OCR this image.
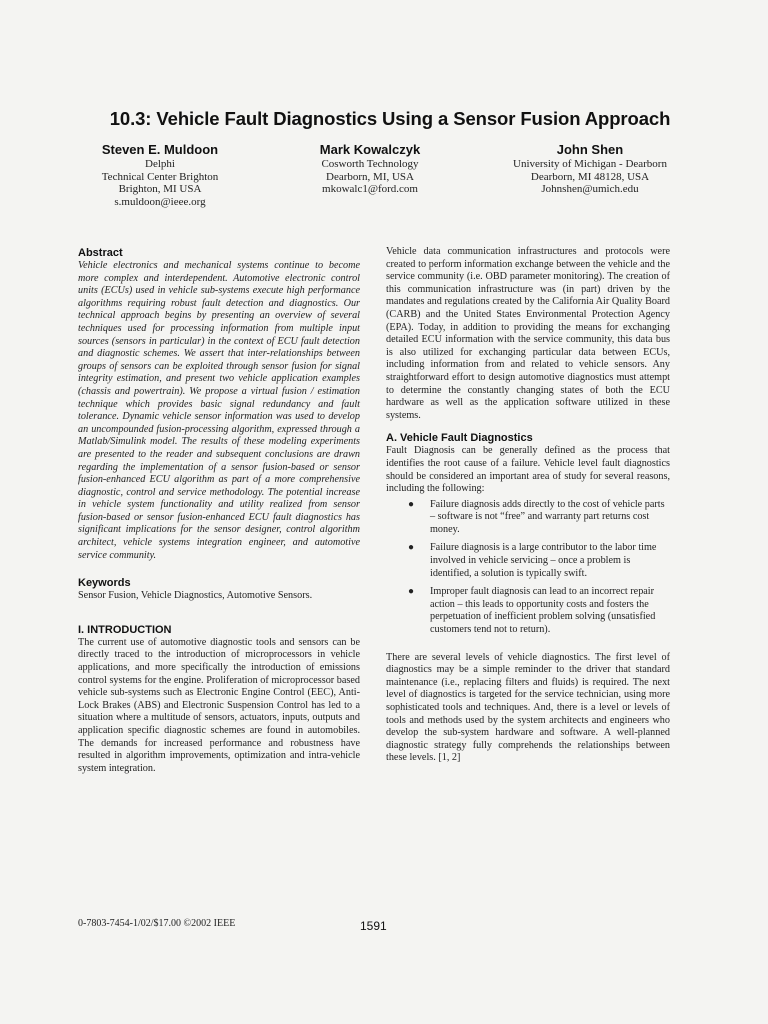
10.3: Vehicle Fault Diagnostics Using a Sensor Fusion Approach
Steven E. Muldoon
Delphi
Technical Center Brighton
Brighton, MI USA
s.muldoon@ieee.org
Mark Kowalczyk
Cosworth Technology
Dearborn, MI, USA
mkowalc1@ford.com
John Shen
University of Michigan - Dearborn
Dearborn, MI 48128, USA
Johnshen@umich.edu
Abstract
Vehicle electronics and mechanical systems continue to become more complex and interdependent. Automotive electronic control units (ECUs) used in vehicle sub-systems execute high performance algorithms requiring robust fault detection and diagnostics. Our technical approach begins by presenting an overview of several techniques used for processing information from multiple input sources (sensors in particular) in the context of ECU fault detection and diagnostic schemes. We assert that inter-relationships between groups of sensors can be exploited through sensor fusion for signal integrity estimation, and present two vehicle application examples (chassis and powertrain). We propose a virtual fusion / estimation technique which provides basic signal redundancy and fault tolerance. Dynamic vehicle sensor information was used to develop an uncompounded fusion-processing algorithm, expressed through a Matlab/Simulink model. The results of these modeling experiments are presented to the reader and subsequent conclusions are drawn regarding the implementation of a sensor fusion-based or sensor fusion-enhanced ECU algorithm as part of a more comprehensive diagnostic, control and service methodology. The potential increase in vehicle system functionality and utility realized from sensor fusion-based or sensor fusion-enhanced ECU fault diagnostics has significant implications for the sensor designer, control algorithm architect, vehicle systems integration engineer, and automotive service community.
Keywords
Sensor Fusion, Vehicle Diagnostics, Automotive Sensors.
I. INTRODUCTION
The current use of automotive diagnostic tools and sensors can be directly traced to the introduction of microprocessors in vehicle applications, and more specifically the introduction of emissions control systems for the engine. Proliferation of microprocessor based vehicle sub-systems such as Electronic Engine Control (EEC), Anti-Lock Brakes (ABS) and Electronic Suspension Control has led to a situation where a multitude of sensors, actuators, inputs, outputs and application specific diagnostic schemes are found in automobiles. The demands for increased performance and robustness have resulted in algorithm improvements, optimization and intra-vehicle system integration.
Vehicle data communication infrastructures and protocols were created to perform information exchange between the vehicle and the service community (i.e. OBD parameter monitoring). The creation of this communication infrastructure was (in part) driven by the mandates and regulations created by the California Air Quality Board (CARB) and the United States Environmental Protection Agency (EPA). Today, in addition to providing the means for exchanging detailed ECU information with the service community, this data bus is also utilized for exchanging particular data between ECUs, including information from and related to vehicle sensors. Any straightforward effort to design automotive diagnostics must attempt to determine the constantly changing states of both the ECU hardware as well as the application software utilized in these systems.
A. Vehicle Fault Diagnostics
Fault Diagnosis can be generally defined as the process that identifies the root cause of a failure. Vehicle level fault diagnostics should be considered an important area of study for several reasons, including the following:
● Failure diagnosis adds directly to the cost of vehicle parts – software is not “free” and warranty part returns cost money.
● Failure diagnosis is a large contributor to the labor time involved in vehicle servicing – once a problem is identified, a solution is typically swift.
● Improper fault diagnosis can lead to an incorrect repair action – this leads to opportunity costs and fosters the perpetuation of inefficient problem solving (unsatisfied customers tend not to return).
There are several levels of vehicle diagnostics. The first level of diagnostics may be a simple reminder to the driver that standard maintenance (i.e., replacing filters and fluids) is required. The next level of diagnostics is targeted for the service technician, using more sophisticated tools and techniques. And, there is a level or levels of tools and methods used by the system architects and engineers who develop the sub-system hardware and software. A well-planned diagnostic strategy fully comprehends the relationships between these levels. [1, 2]
0-7803-7454-1/02/$17.00 ©2002 IEEE	1591
